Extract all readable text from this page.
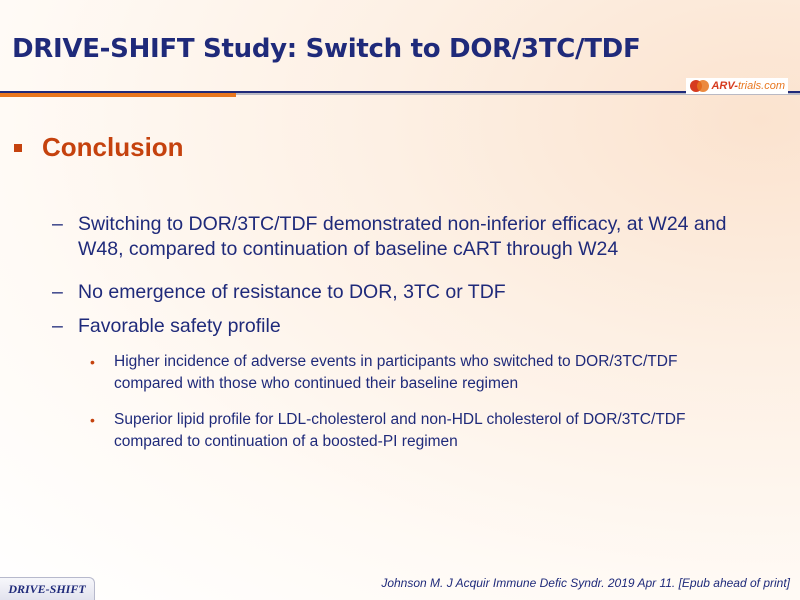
DRIVE-SHIFT Study: Switch to DOR/3TC/TDF
ARV-trials.com
Conclusion
– Switching to DOR/3TC/TDF demonstrated non-inferior efficacy, at W24 and W48, compared to continuation of baseline cART through W24
– No emergence of resistance to DOR, 3TC or TDF
– Favorable safety profile
•	Higher incidence of adverse events in participants who switched to DOR/3TC/TDF compared with those who continued their baseline regimen
•	Superior lipid profile for LDL-cholesterol and non-HDL cholesterol of DOR/3TC/TDF compared to continuation of a boosted-PI regimen
DRIVE-SHIFT	Johnson M. J Acquir Immune Defic Syndr. 2019 Apr 11. [Epub ahead of print]
